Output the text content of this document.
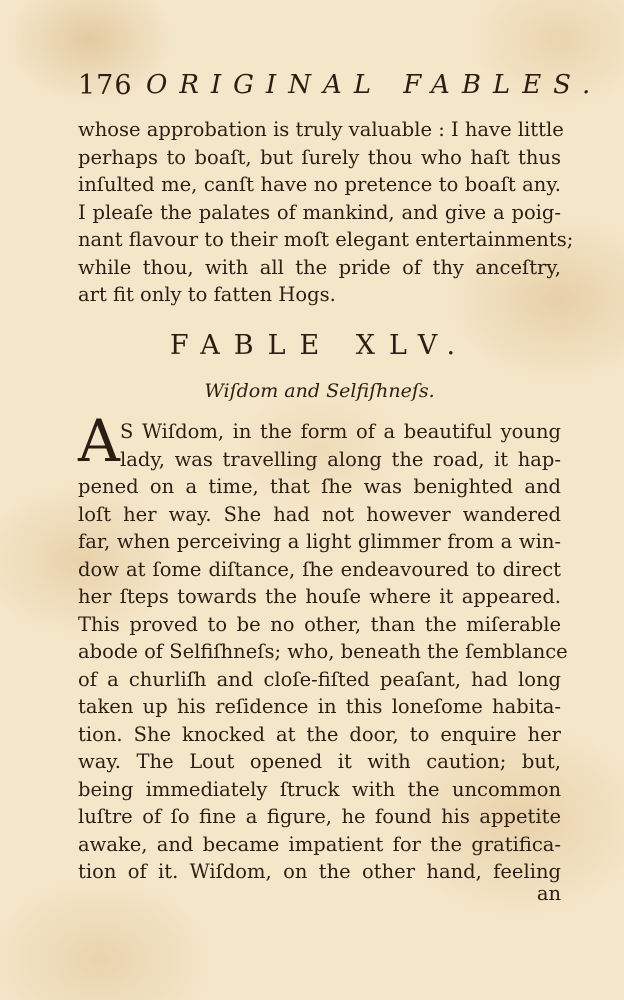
176 ORIGINAL FABLES.
whose approbation is truly valuable : I have little
perhaps to boaſt, but ſurely thou who haſt thus
inſulted me, canſt have no pretence to boaſt any.
I pleaſe the palates of mankind, and give a poig-
nant flavour to their moſt elegant entertainments;
while thou, with all the pride of thy anceſtry,
art fit only to fatten Hogs.
FABLE XLV.
Wiſdom and Selfiſhneſs.
A S Wiſdom, in the form of a beautiful young
lady, was travelling along the road, it hap-
pened on a time, that ſhe was benighted and
loſt her way. She had not however wandered
far, when perceiving a light glimmer from a win-
dow at ſome diſtance, ſhe endeavoured to direct
her ſteps towards the houſe where it appeared.
This proved to be no other, than the miſerable
abode of Selfiſhneſs; who, beneath the ſemblance
of a churliſh and cloſe-fiſted peaſant, had long
taken up his reſidence in this loneſome habita-
tion. She knocked at the door, to enquire her
way. The Lout opened it with caution; but,
being immediately ſtruck with the uncommon
luſtre of ſo fine a figure, he found his appetite
awake, and became impatient for the gratifica-
tion of it. Wiſdom, on the other hand, feeling
an
